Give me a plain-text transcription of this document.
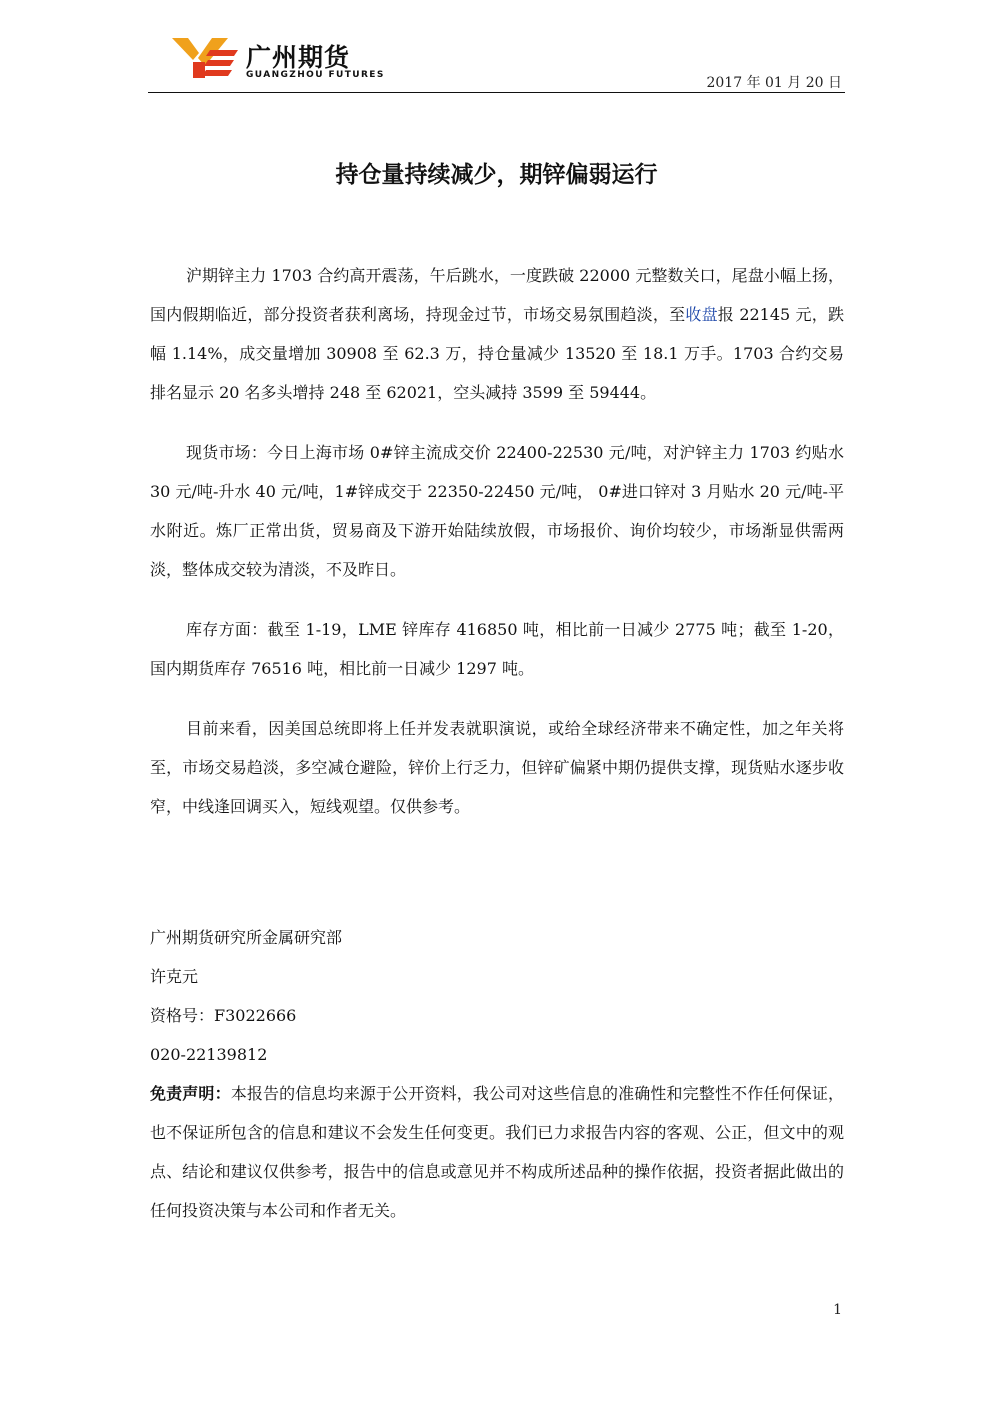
广州期货
GUANGZHOU FUTURES	2017 年 01 月 20 日
持仓量持续减少，期锌偏弱运行

沪期锌主力 1703 合约高开震荡，午后跳水，一度跌破 22000 元整数关口，尾盘小幅上扬，国内假期临近，部分投资者获利离场，持现金过节，市场交易氛围趋淡，至收盘报 22145 元，跌幅 1.14%，成交量增加 30908 至 62.3 万，持仓量减少 13520 至 18.1 万手。1703 合约交易排名显示 20 名多头增持 248 至 62021，空头减持 3599 至 59444。

现货市场：今日上海市场 0#锌主流成交价 22400-22530 元/吨，对沪锌主力 1703 约贴水 30 元/吨-升水 40 元/吨，1#锌成交于 22350-22450 元/吨， 0#进口锌对 3 月贴水 20 元/吨-平水附近。炼厂正常出货，贸易商及下游开始陆续放假，市场报价、询价均较少，市场渐显供需两淡，整体成交较为清淡，不及昨日。

库存方面：截至 1-19，LME 锌库存 416850 吨，相比前一日减少 2775 吨；截至 1-20，国内期货库存 76516 吨，相比前一日减少 1297 吨。

目前来看，因美国总统即将上任并发表就职演说，或给全球经济带来不确定性，加之年关将至，市场交易趋淡，多空减仓避险，锌价上行乏力，但锌矿偏紧中期仍提供支撑，现货贴水逐步收窄，中线逢回调买入，短线观望。仅供参考。

广州期货研究所金属研究部
许克元
资格号：F3022666
020-22139812
免责声明：本报告的信息均来源于公开资料，我公司对这些信息的准确性和完整性不作任何保证，也不保证所包含的信息和建议不会发生任何变更。我们已力求报告内容的客观、公正，但文中的观点、结论和建议仅供参考，报告中的信息或意见并不构成所述品种的操作依据，投资者据此做出的任何投资决策与本公司和作者无关。
1
